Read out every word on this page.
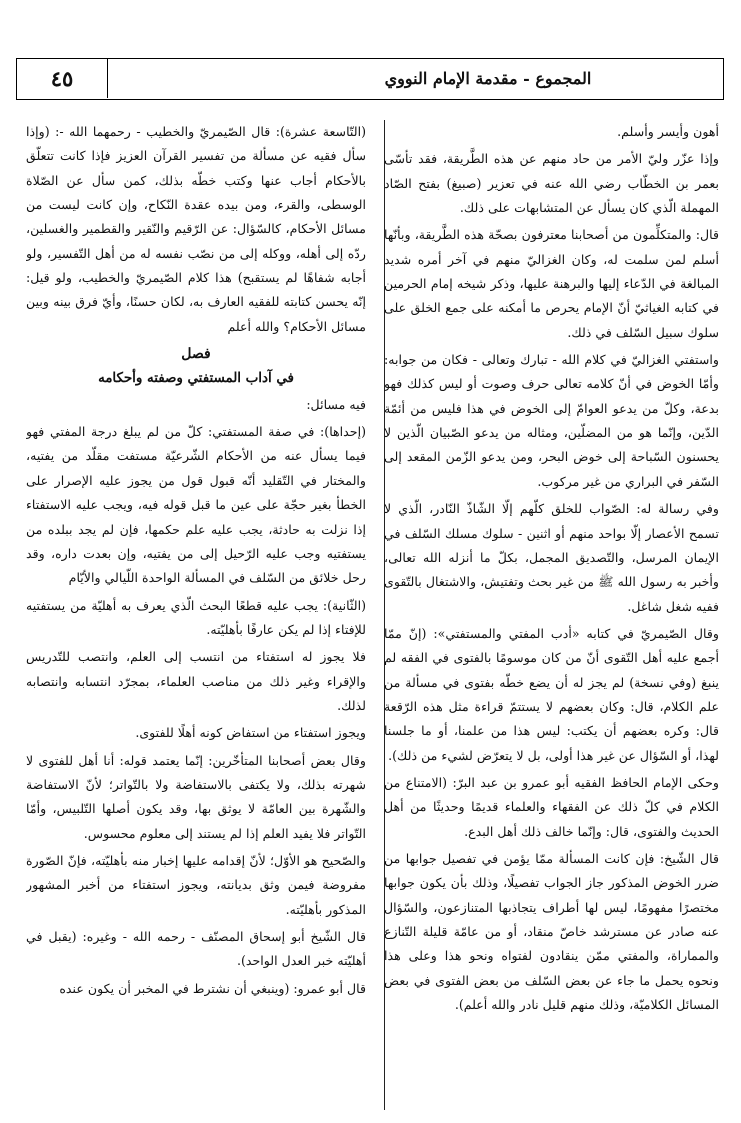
المجموع - مقدمة الإمام النووي
٤٥

أهون وأيسر وأسلم.

وإذا عزّر وليّ الأمر من حاد منهم عن هذه الطَّريقة، فقد تأسّى بعمر بن الخطّاب رضي الله عنه في تعزير (صبيغ) بفتح الصّاد المهملة الّذي كان يسأل عن المتشابهات على ذلك.

قال: والمتكلِّمون من أصحابنا معترفون بصحّة هذه الطَّريقة، وبأنّها أسلم لمن سلمت له، وكان الغزاليّ منهم في آخر أمره شديد المبالغة في الدّعاء إليها والبرهنة عليها، وذكر شيخه إمام الحرمين في كتابه الغياثيّ أنّ الإمام يحرص ما أمكنه على جمع الخلق على سلوك سبيل السّلف في ذلك.

واستفتي الغزاليّ في كلام الله - تبارك وتعالى - فكان من جوابه: وأمّا الخوض في أنّ كلامه تعالى حرف وصوت أو ليس كذلك فهو بدعة، وكلّ من يدعو العوامّ إلى الخوض في هذا فليس من أئمّة الدّين، وإنّما هو من المضلّين، ومثاله من يدعو الصّبيان الّذين لا يحسنون السّباحة إلى خوض البحر، ومن يدعو الزّمن المقعد إلى السّفر في البراري من غير مركوب.

وفي رسالة له: الصّواب للخلق كلّهم إلّا الشّاذّ النّادر، الّذي لا تسمح الأعصار إلّا بواحد منهم أو اثنين - سلوك مسلك السّلف في الإيمان المرسل، والتّصديق المجمل، بكلّ ما أنزله الله تعالى، وأخبر به رسول الله ﷺ من غير بحث وتفتيش، والاشتغال بالتّقوى ففيه شغل شاغل.

وقال الصّيمريّ في كتابه «أدب المفتي والمستفتي»: (إنّ ممّا أجمع عليه أهل التّقوى أنّ من كان موسومًا بالفتوى في الفقه لم ينبغ (وفي نسخة) لم يجز له أن يضع خطّه بفتوى في مسألة من علم الكلام، قال: وكان بعضهم لا يستتمّ قراءة مثل هذه الرّقعة قال: وكره بعضهم أن يكتب: ليس هذا من علمنا، أو ما جلسنا لهذا، أو السّؤال عن غير هذا أولى، بل لا يتعرّض لشيء من ذلك).

وحكى الإمام الحافظ الفقيه أبو عمرو بن عبد البرّ: (الامتناع من الكلام في كلّ ذلك عن الفقهاء والعلماء قديمًا وحديثًا من أهل الحديث والفتوى، قال: وإنّما خالف ذلك أهل البدع.

قال الشّيخ: فإن كانت المسألة ممّا يؤمن في تفصيل جوابها من ضرر الخوض المذكور جاز الجواب تفصيلًا، وذلك بأن يكون جوابها مختصرًا مفهومًا، ليس لها أطراف يتجاذبها المتنازعون، والسّؤال عنه صادر عن مسترشد خاصّ منقاد، أو من عامّة قليلة التّنازع والمماراة، والمفتي ممّن ينقادون لفتواه ونحو هذا وعلى هذا ونحوه يحمل ما جاء عن بعض السّلف من بعض الفتوى في بعض المسائل الكلاميّة، وذلك منهم قليل نادر والله أعلم).

(التّاسعة عشرة): قال الصّيمريّ والخطيب - رحمهما الله -: (وإذا سأل فقيه عن مسألة من تفسير القرآن العزيز فإذا كانت تتعلّق بالأحكام أجاب عنها وكتب خطّه بذلك، كمن سأل عن الصّلاة الوسطى، والقرء، ومن بيده عقدة النّكاح، وإن كانت ليست من مسائل الأحكام، كالسّؤال: عن الرّقيم والنّقير والقطمير والغسلين، ردّه إلى أهله، ووكله إلى من نصّب نفسه له من أهل التّفسير، ولو أجابه شفاهًا لم يستقبح) هذا كلام الصّيمريّ والخطيب، ولو قيل: إنّه يحسن كتابته للفقيه العارف به، لكان حسنًا، وأيّ فرق بينه وبين مسائل الأحكام؟ والله أعلم

فصل
في آداب المستفتي وصفته وأحكامه

فيه مسائل:

(إحداها): في صفة المستفتي: كلّ من لم يبلغ درجة المفتي فهو فيما يسأل عنه من الأحكام الشّرعيّة مستفت مقلّد من يفتيه، والمختار في التّقليد أنّه قبول قول من يجوز عليه الإصرار على الخطأ بغير حجّة على عين ما قبل قوله فيه، ويجب عليه الاستفتاء إذا نزلت به حادثة، يجب عليه علم حكمها، فإن لم يجد ببلده من يستفتيه وجب عليه الرّحيل إلى من يفتيه، وإن بعدت داره، وقد رحل خلائق من السّلف في المسألة الواحدة اللّيالي والأيّام

(الثّانية): يجب عليه قطعًا البحث الّذي يعرف به أهليّة من يستفتيه للإفتاء إذا لم يكن عارفًا بأهليّته.

فلا يجوز له استفتاء من انتسب إلى العلم، وانتصب للتّدريس والإقراء وغير ذلك من مناصب العلماء، بمجرّد انتسابه وانتصابه لذلك.

ويجوز استفتاء من استفاض كونه أهلًا للفتوى.

وقال بعض أصحابنا المتأخّرين: إنّما يعتمد قوله: أنا أهل للفتوى لا شهرته بذلك، ولا يكتفى بالاستفاضة ولا بالتّواتر؛ لأنّ الاستفاضة والشّهرة بين العامّة لا يوثق بها، وقد يكون أصلها التّلبيس، وأمّا التّواتر فلا يفيد العلم إذا لم يستند إلى معلوم محسوس.

والصّحيح هو الأوّل؛ لأنّ إقدامه عليها إخبار منه بأهليّته، فإنّ الصّورة مفروضة فيمن وثق بديانته، ويجوز استفتاء من أخبر المشهور المذكور بأهليّته.

قال الشّيخ أبو إسحاق المصنّف - رحمه الله - وغيره: (يقبل في أهليّته خبر العدل الواحد).

قال أبو عمرو: (وينبغي أن نشترط في المخبر أن يكون عنده
